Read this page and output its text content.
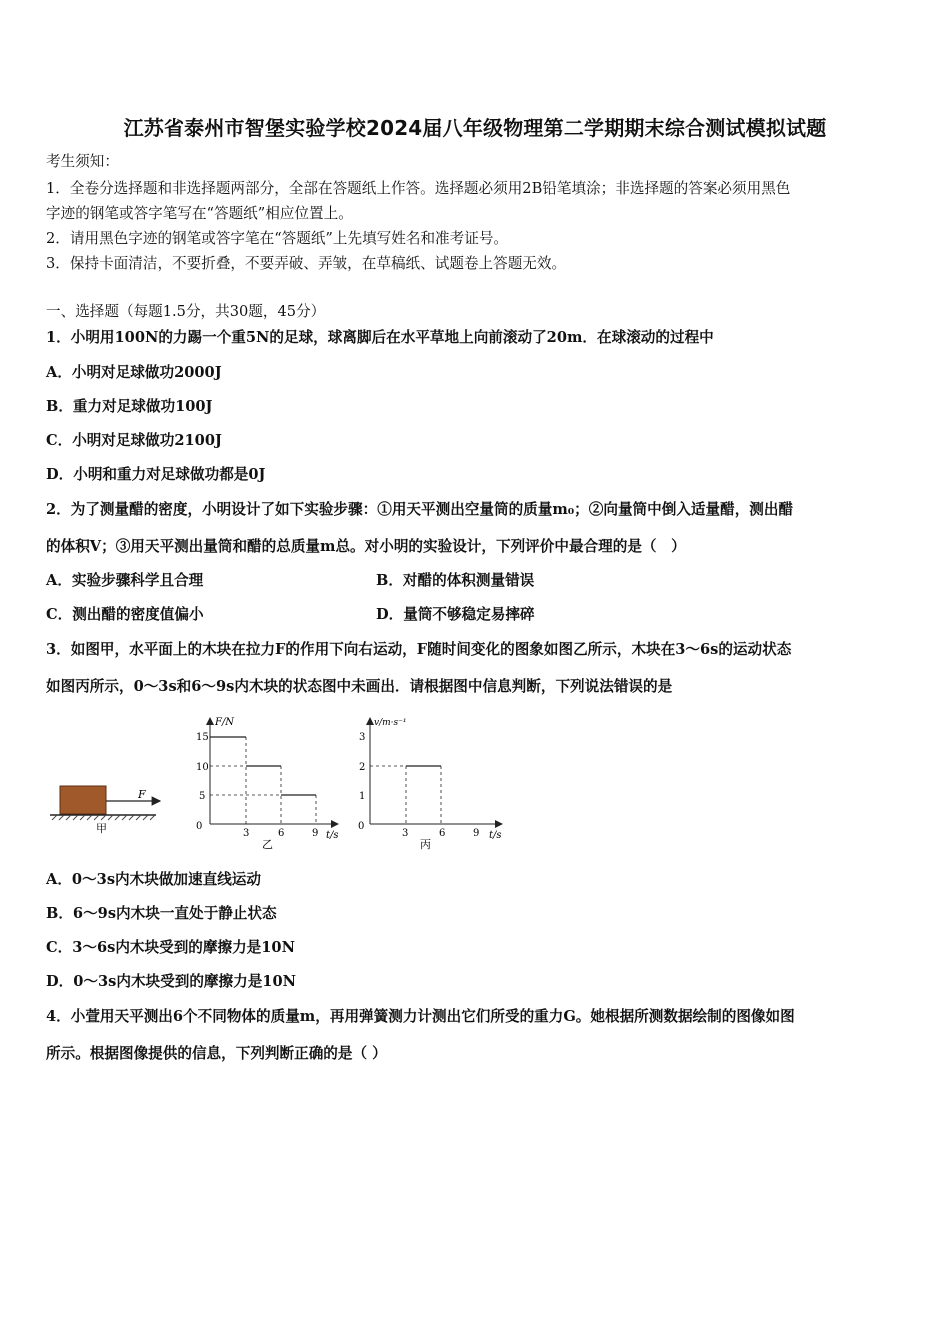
江苏省泰州市智堡实验学校2024届八年级物理第二学期期末综合测试模拟试题
考生须知：
1．全卷分选择题和非选择题两部分，全部在答题纸上作答。选择题必须用2B铅笔填涂；非选择题的答案必须用黑色
字迹的钢笔或答字笔写在“答题纸”相应位置上。
2．请用黑色字迹的钢笔或答字笔在“答题纸”上先填写姓名和准考证号。
3．保持卡面清洁，不要折叠，不要弄破、弄皱，在草稿纸、试题卷上答题无效。
一、选择题（每题1.5分，共30题，45分）
1．小明用100N的力踢一个重5N的足球，球离脚后在水平草地上向前滚动了20m．在球滚动的过程中
A．小明对足球做功2000J
B．重力对足球做功100J
C．小明对足球做功2100J
D．小明和重力对足球做功都是0J
2．为了测量醋的密度，小明设计了如下实验步骤：①用天平测出空量筒的质量m₀；②向量筒中倒入适量醋，测出醋
的体积V；③用天平测出量筒和醋的总质量m总。对小明的实验设计，下列评价中最合理的是（　）
A．实验步骤科学且合理	B．对醋的体积测量错误
C．测出醋的密度值偏小	D．量筒不够稳定易摔碎
3．如图甲，水平面上的木块在拉力F的作用下向右运动，F随时间变化的图象如图乙所示，木块在3～6s的运动状态
如图丙所示，0～3s和6～9s内木块的状态图中未画出．请根据图中信息判断，下列说法错误的是
F
甲
F/N
t/s
0
15
10
5
3	6	9
乙
v/m·s⁻¹
t/s
0
3
2
1
3	6	9
丙
A．0～3s内木块做加速直线运动
B．6～9s内木块一直处于静止状态
C．3～6s内木块受到的摩擦力是10N
D．0～3s内木块受到的摩擦力是10N
4．小萱用天平测出6个不同物体的质量m，再用弹簧测力计测出它们所受的重力G。她根据所测数据绘制的图像如图
所示。根据图像提供的信息，下列判断正确的是（ ）
